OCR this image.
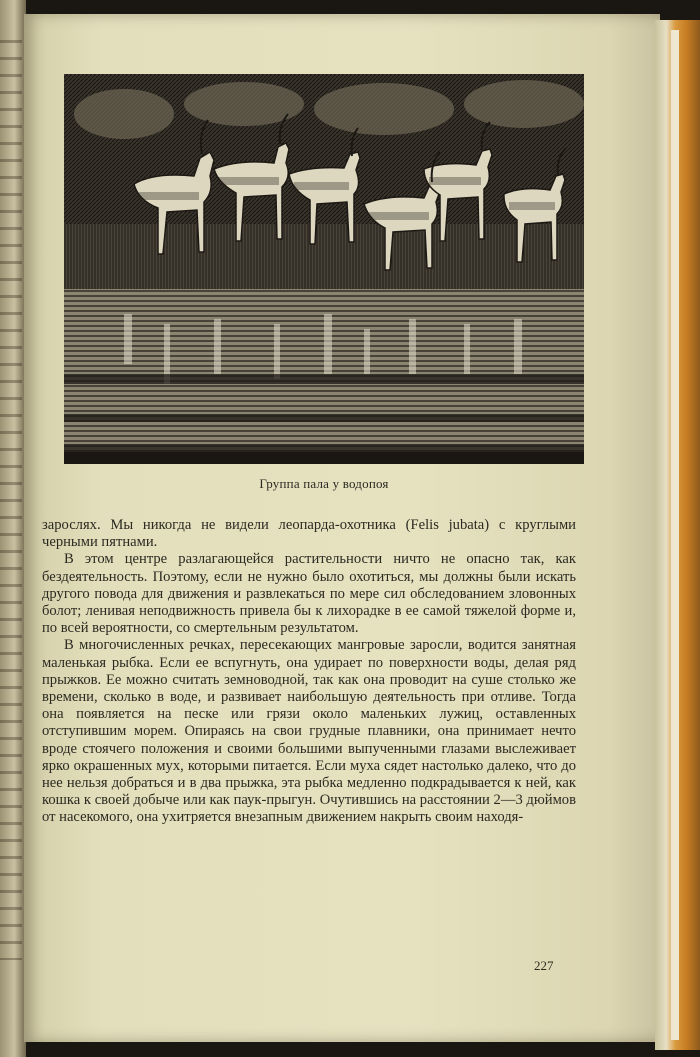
Группа пала у водопоя

зарослях. Мы никогда не видели леопарда-охотника (Felis jubata) с круглыми черными пятнами.

В этом центре разлагающейся растительности ничто не опасно так, как бездеятельность. Поэтому, если не нужно было охотиться, мы должны были искать другого повода для движения и развлекаться по мере сил обследованием зловонных болот; ленивая неподвижность привела бы к лихорадке в ее самой тяжелой форме и, по всей вероятности, со смертельным результатом.

В многочисленных речках, пересекающих мангровые заросли, водится занятная маленькая рыбка. Если ее вспугнуть, она удирает по поверхности воды, делая ряд прыжков. Ее можно считать земноводной, так как она проводит на суше столько же времени, сколько в воде, и развивает наибольшую деятельность при отливе. Тогда она появляется на песке или грязи около маленьких лужиц, оставленных отступившим морем. Опираясь на свои грудные плавники, она принимает нечто вроде стоячего положения и своими большими выпученными глазами выслеживает ярко окрашенных мух, которыми питается. Если муха сядет настолько далеко, что до нее нельзя добраться и в два прыжка, эта рыбка медленно подкрадывается к ней, как кошка к своей добыче или как паук-прыгун. Очутившись на расстоянии 2—3 дюймов от насекомого, она ухитряется внезапным движением накрыть своим находя-

227
